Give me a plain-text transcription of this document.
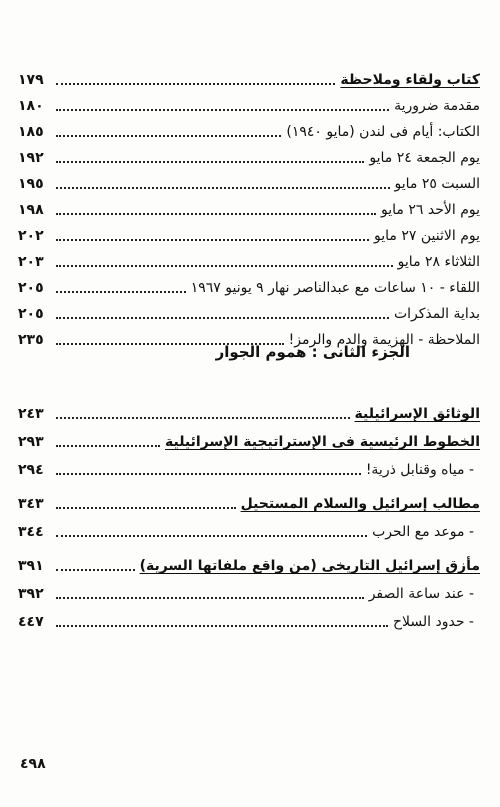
كتاب ولقاء وملاحظة
١٧٩
مقدمة ضرورية
١٨٠
الكتاب: أيام فى لندن (مايو ١٩٤٠)
١٨٥
يوم الجمعة ٢٤ مايو
١٩٢
السبت ٢٥ مايو
١٩٥
يوم الأحد ٢٦ مايو
١٩٨
يوم الاثنين ٢٧ مايو
٢٠٢
الثلاثاء ٢٨ مايو
٢٠٣
اللقاء - ١٠ ساعات مع عبدالناصر نهار ٩ يونيو ١٩٦٧
٢٠٥
بداية المذكرات
٢٠٥
الملاحظة - الهزيمة والدم والرمز!
٢٣٥
الوثائق الإسرائيلية
٢٤٣
الخطوط الرئيسية فى الإستراتيجية الإسرائيلية
٢٩٣
- مياه وقنابل ذرية!
٢٩٤
مطالب إسرائيل والسلام المستحيل
٣٤٣
- موعد مع الحرب
٣٤٤
مأزق إسرائيل التاريخى (من واقع ملفاتها السرية)
٣٩١
- عند ساعة الصفر
٣٩٢
- حدود السلاح
٤٤٧
الجزء الثانى : هموم الجوار
٤٩٨
